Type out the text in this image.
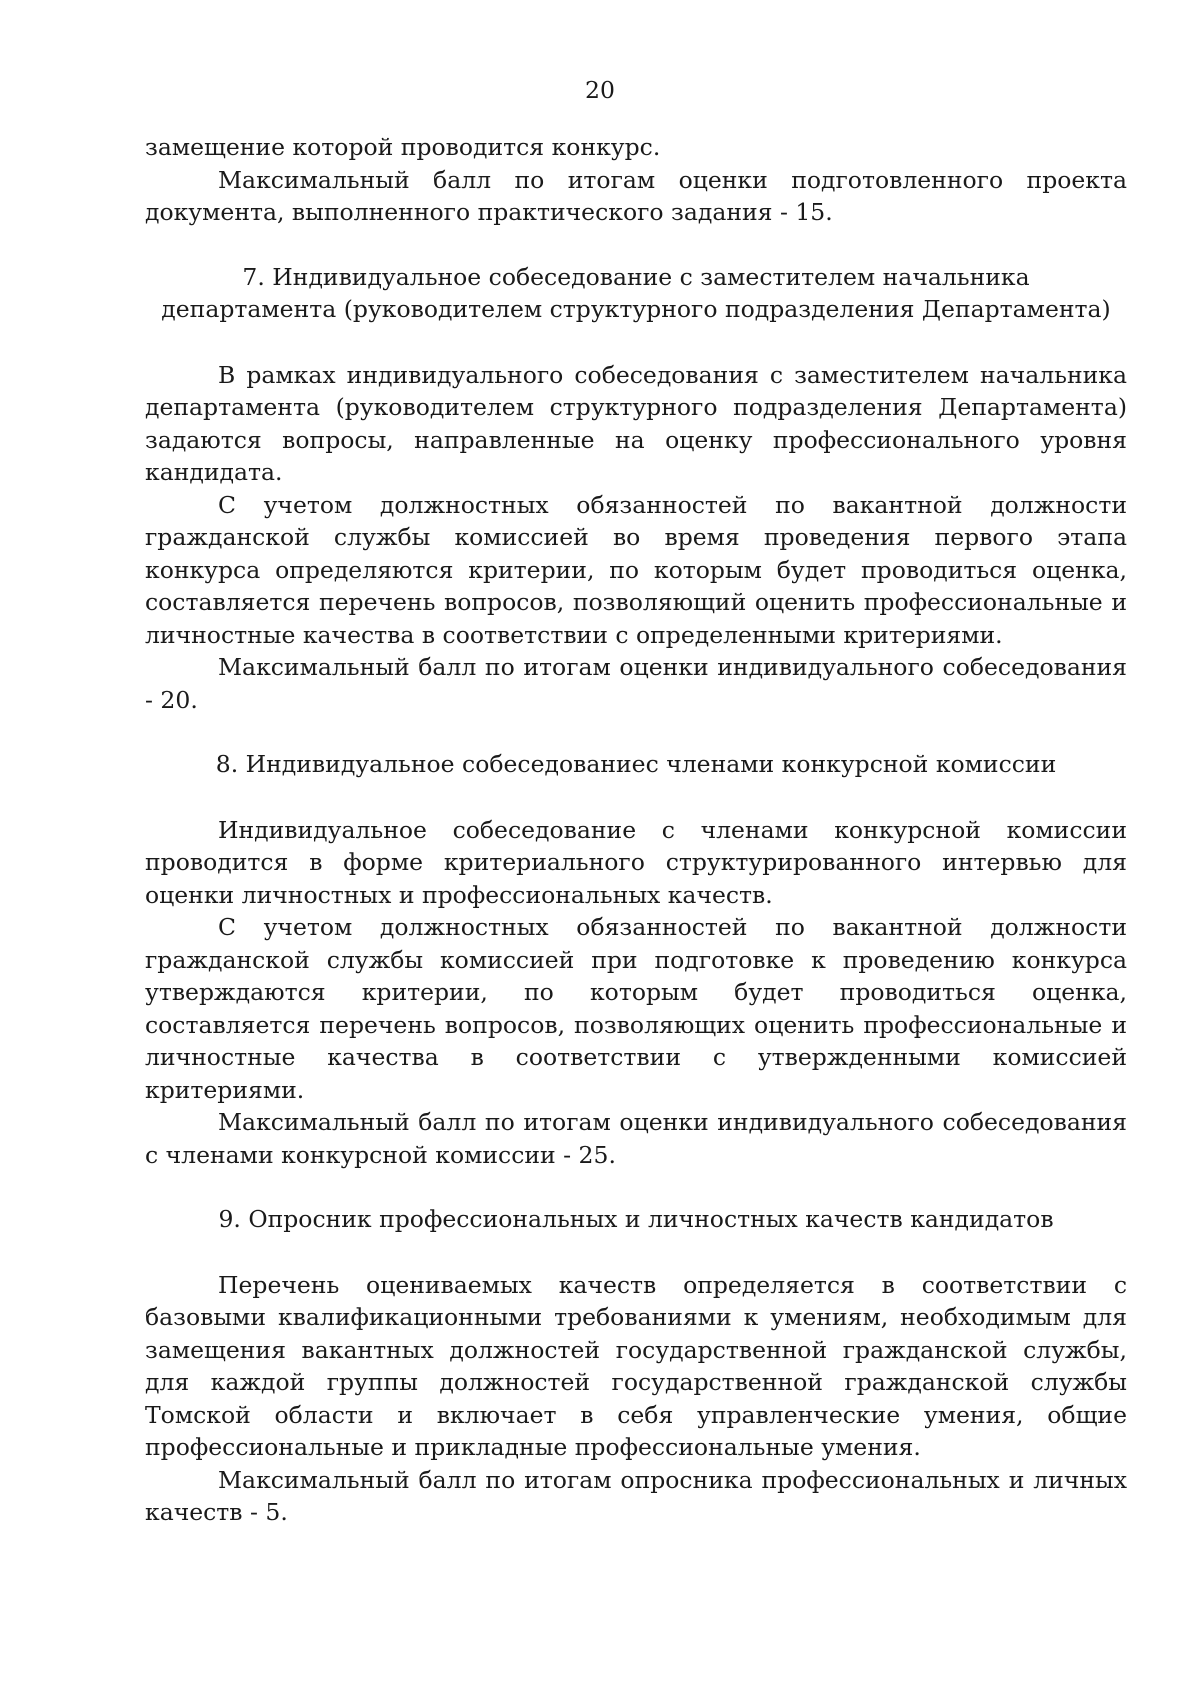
20

замещение которой проводится конкурс.

Максимальный балл по итогам оценки подготовленного проекта документа, выполненного практического задания - 15.

7. Индивидуальное собеседование с заместителем начальника
департамента (руководителем структурного подразделения Департамента)

В рамках индивидуального собеседования с заместителем начальника департамента (руководителем структурного подразделения Департамента) задаются вопросы, направленные на оценку профессионального уровня кандидата.

С учетом должностных обязанностей по вакантной должности гражданской службы комиссией во время проведения первого этапа конкурса определяются критерии, по которым будет проводиться оценка, составляется перечень вопросов, позволяющий оценить профессиональные и личностные качества в соответствии с определенными критериями.

Максимальный балл по итогам оценки индивидуального собеседования - 20.

8. Индивидуальное собеседованиес членами конкурсной комиссии

Индивидуальное собеседование с членами конкурсной комиссии проводится в форме критериального структурированного интервью для оценки личностных и профессиональных качеств.

С учетом должностных обязанностей по вакантной должности гражданской службы комиссией при подготовке к проведению конкурса утверждаются критерии, по которым будет проводиться оценка, составляется перечень вопросов, позволяющих оценить профессиональные и личностные качества в соответствии с утвержденными комиссией критериями.

Максимальный балл по итогам оценки индивидуального собеседования с членами конкурсной комиссии - 25.

9. Опросник профессиональных и личностных качеств кандидатов

Перечень оцениваемых качеств определяется в соответствии с базовыми квалификационными требованиями к умениям, необходимым для замещения вакантных должностей государственной гражданской службы, для каждой группы должностей государственной гражданской службы Томской области и включает в себя управленческие умения, общие профессиональные и прикладные профессиональные умения.

Максимальный балл по итогам опросника профессиональных и личных качеств - 5.
